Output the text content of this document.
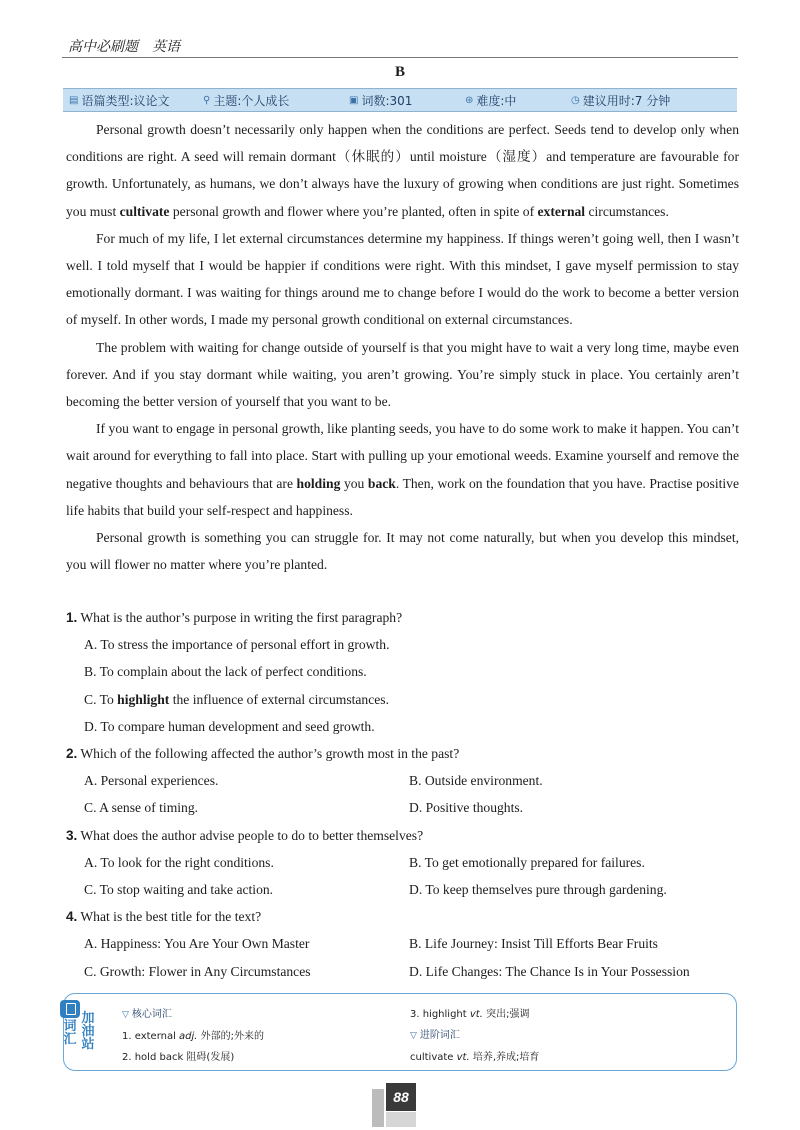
高中必刷题　英语
B
▤ 语篇类型:议论文	⚲ 主题:个人成长	▣ 词数:301	⊛ 难度:中	◷ 建议用时:7 分钟

Personal growth doesn’t necessarily only happen when the conditions are perfect. Seeds tend to develop only when conditions are right. A seed will remain dormant（休眠的）until moisture（湿度）and temperature are favourable for growth. Unfortunately, as humans, we don’t always have the luxury of growing when conditions are just right. Sometimes you must cultivate personal growth and flower where you’re planted, often in spite of external circumstances.

For much of my life, I let external circumstances determine my happiness. If things weren’t going well, then I wasn’t well. I told myself that I would be happier if conditions were right. With this mindset, I gave myself permission to stay emotionally dormant. I was waiting for things around me to change before I would do the work to become a better version of myself. In other words, I made my personal growth conditional on external circumstances.

The problem with waiting for change outside of yourself is that you might have to wait a very long time, maybe even forever. And if you stay dormant while waiting, you aren’t growing. You’re simply stuck in place. You certainly aren’t becoming the better version of yourself that you want to be.

If you want to engage in personal growth, like planting seeds, you have to do some work to make it happen. You can’t wait around for everything to fall into place. Start with pulling up your emotional weeds. Examine yourself and remove the negative thoughts and behaviours that are holding you back. Then, work on the foundation that you have. Practise positive life habits that build your self-respect and happiness.

Personal growth is something you can struggle for. It may not come naturally, but when you develop this mindset, you will flower no matter where you’re planted.

1. What is the author’s purpose in writing the first paragraph?
A. To stress the importance of personal effort in growth.
B. To complain about the lack of perfect conditions.
C. To highlight the influence of external circumstances.
D. To compare human development and seed growth.
2. Which of the following affected the author’s growth most in the past?
A. Personal experiences.	B. Outside environment.
C. A sense of timing.	D. Positive thoughts.
3. What does the author advise people to do to better themselves?
A. To look for the right conditions.	B. To get emotionally prepared for failures.
C. To stop waiting and take action.	D. To keep themselves pure through gardening.
4. What is the best title for the text?
A. Happiness: You Are Your Own Master	B. Life Journey: Insist Till Efforts Bear Fruits
C. Growth: Flower in Any Circumstances	D. Life Changes: The Chance Is in Your Possession
词
汇
加
油
站
▽ 核心词汇
1. external adj. 外部的;外来的
2. hold back 阻碍(发展)
3. highlight vt. 突出;强调
▽ 进阶词汇
cultivate vt. 培养,养成;培育
88
